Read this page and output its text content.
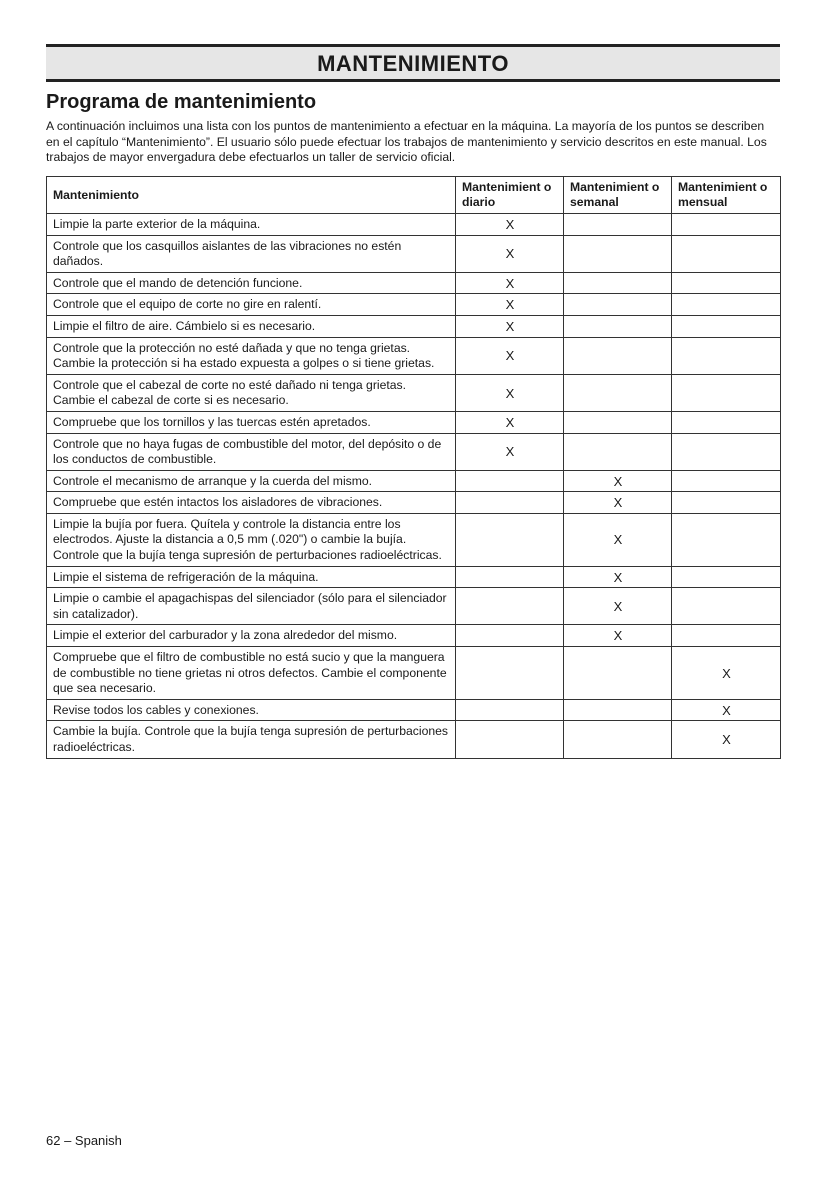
MANTENIMIENTO
Programa de mantenimiento

A continuación incluimos una lista con los puntos de mantenimiento a efectuar en la máquina. La mayoría de los puntos se describen en el capítulo “Mantenimiento”. El usuario sólo puede efectuar los trabajos de mantenimiento y servicio descritos en este manual. Los trabajos de mayor envergadura debe efectuarlos un taller de servicio oficial.

Mantenimiento	Mantenimient o diario	Mantenimient o semanal	Mantenimient o mensual
Limpie la parte exterior de la máquina.	X		
Controle que los casquillos aislantes de las vibraciones no estén dañados.	X		
Controle que el mando de detención funcione.	X		
Controle que el equipo de corte no gire en ralentí.	X		
Limpie el filtro de aire. Cámbielo si es necesario.	X		
Controle que la protección no esté dañada y que no tenga grietas. Cambie la protección si ha estado expuesta a golpes o si tiene grietas.	X		
Controle que el cabezal de corte no esté dañado ni tenga grietas. Cambie el cabezal de corte si es necesario.	X		
Compruebe que los tornillos y las tuercas estén apretados.	X		
Controle que no haya fugas de combustible del motor, del depósito o de los conductos de combustible.	X		
Controle el mecanismo de arranque y la cuerda del mismo.		X	
Compruebe que estén intactos los aisladores de vibraciones.		X	
Limpie la bujía por fuera. Quítela y controle la distancia entre los electrodos. Ajuste la distancia a 0,5 mm (.020") o cambie la bujía. Controle que la bujía tenga supresión de perturbaciones radioeléctricas.		X	
Limpie el sistema de refrigeración de la máquina.		X	
Limpie o cambie el apagachispas del silenciador (sólo para el silenciador sin catalizador).		X	
Limpie el exterior del carburador y la zona alrededor del mismo.		X	
Compruebe que el filtro de combustible no está sucio y que la manguera de combustible no tiene grietas ni otros defectos. Cambie el componente que sea necesario.			X
Revise todos los cables y conexiones.			X
Cambie la bujía. Controle que la bujía tenga supresión de perturbaciones radioeléctricas.			X
62 – Spanish
